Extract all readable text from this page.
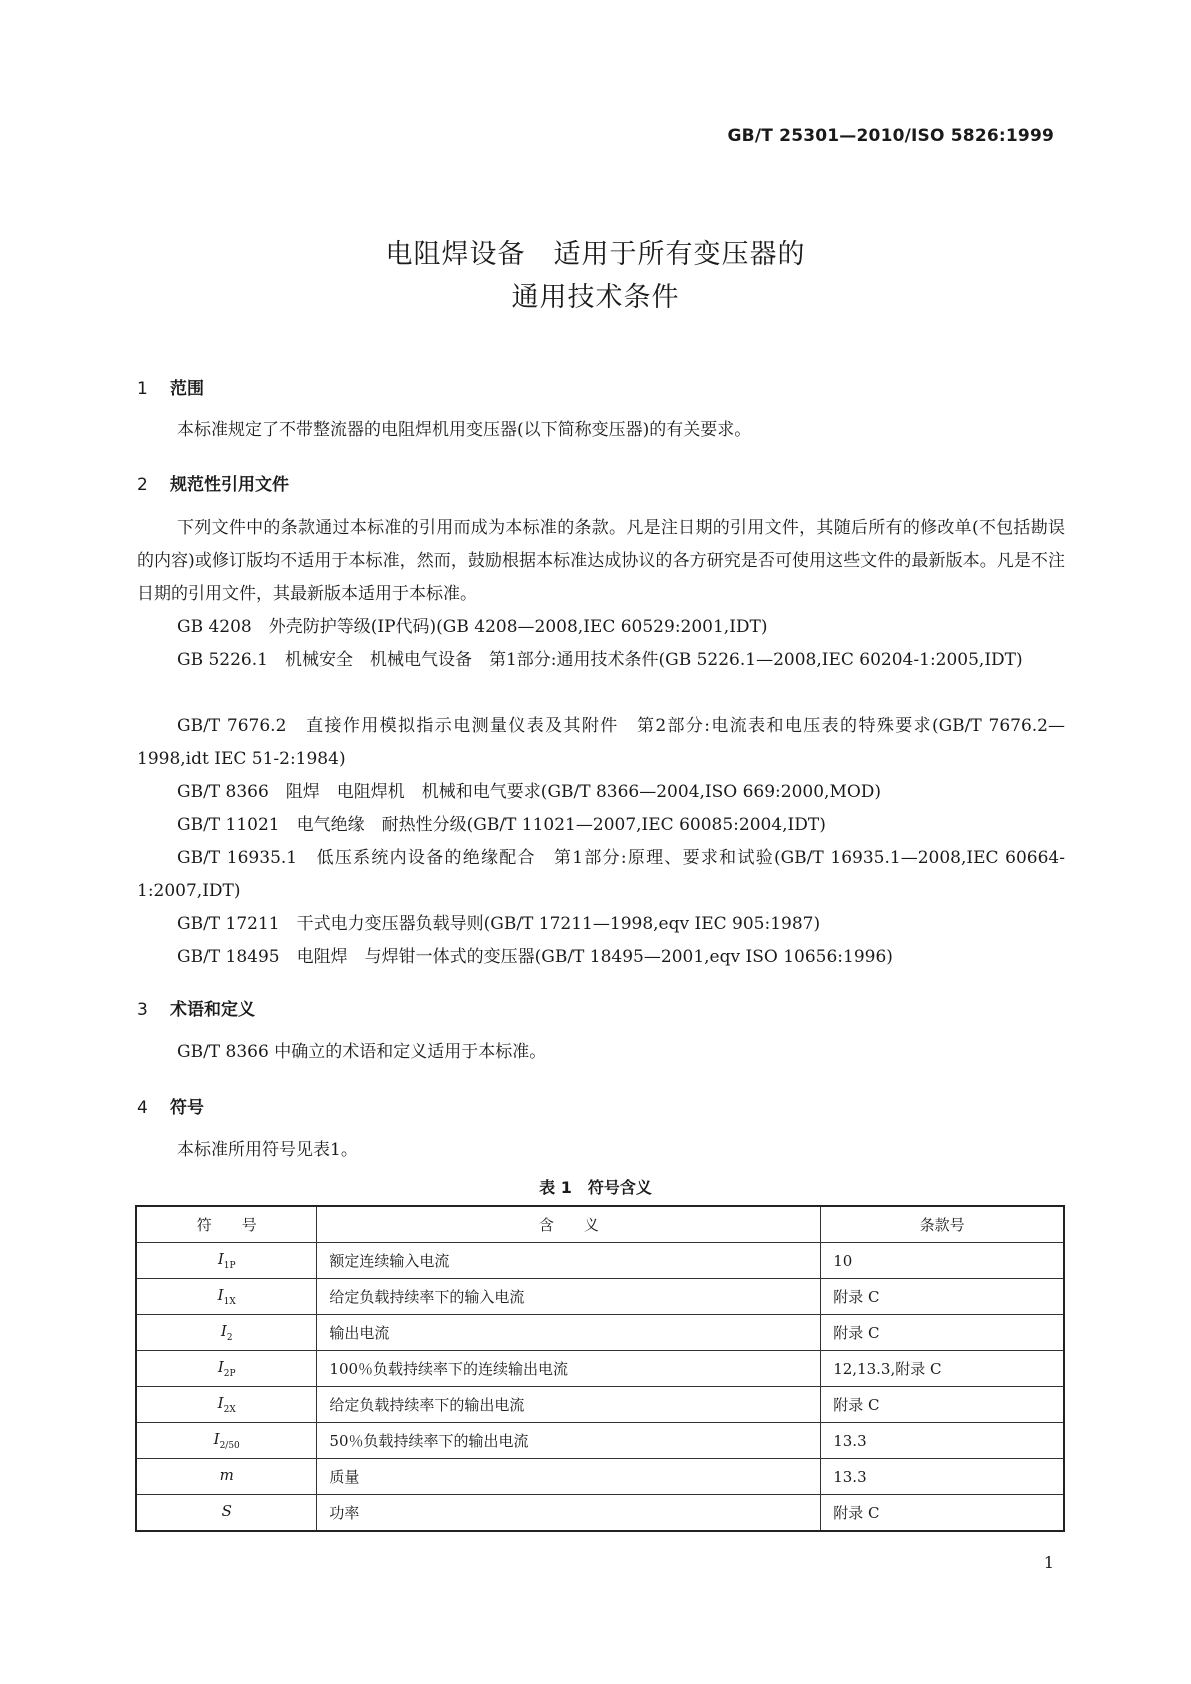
GB/T 25301—2010/ISO 5826:1999
电阻焊设备　适用于所有变压器的
通用技术条件
1 范围
本标准规定了不带整流器的电阻焊机用变压器(以下简称变压器)的有关要求。
2 规范性引用文件
下列文件中的条款通过本标准的引用而成为本标准的条款。凡是注日期的引用文件，其随后所有的修改单(不包括勘误的内容)或修订版均不适用于本标准，然而，鼓励根据本标准达成协议的各方研究是否可使用这些文件的最新版本。凡是不注日期的引用文件，其最新版本适用于本标准。
GB 4208　外壳防护等级(IP代码)(GB 4208—2008,IEC 60529:2001,IDT)
GB 5226.1　机械安全　机械电气设备　第1部分:通用技术条件(GB 5226.1—2008,IEC 60204-1:2005,IDT)
GB/T 7676.2　直接作用模拟指示电测量仪表及其附件　第2部分:电流表和电压表的特殊要求(GB/T 7676.2—1998,idt IEC 51-2:1984)
GB/T 8366　阻焊　电阻焊机　机械和电气要求(GB/T 8366—2004,ISO 669:2000,MOD)
GB/T 11021　电气绝缘　耐热性分级(GB/T 11021—2007,IEC 60085:2004,IDT)
GB/T 16935.1　低压系统内设备的绝缘配合　第1部分:原理、要求和试验(GB/T 16935.1—2008,IEC 60664-1:2007,IDT)
GB/T 17211　干式电力变压器负载导则(GB/T 17211—1998,eqv IEC 905:1987)
GB/T 18495　电阻焊　与焊钳一体式的变压器(GB/T 18495—2001,eqv ISO 10656:1996)
3 术语和定义
GB/T 8366 中确立的术语和定义适用于本标准。
4 符号
本标准所用符号见表1。
表 1　符号含义
符　　号	含　　义	条款号
$I_{1P}$	额定连续输入电流	10
$I_{1X}$	给定负载持续率下的输入电流	附录 C
$I_2$	输出电流	附录 C
$I_{2P}$	100％负载持续率下的连续输出电流	12,13.3,附录 C
$I_{2X}$	给定负载持续率下的输出电流	附录 C
$I_{2/50}$	50％负载持续率下的输出电流	13.3
m	质量	13.3
S	功率	附录 C
1
